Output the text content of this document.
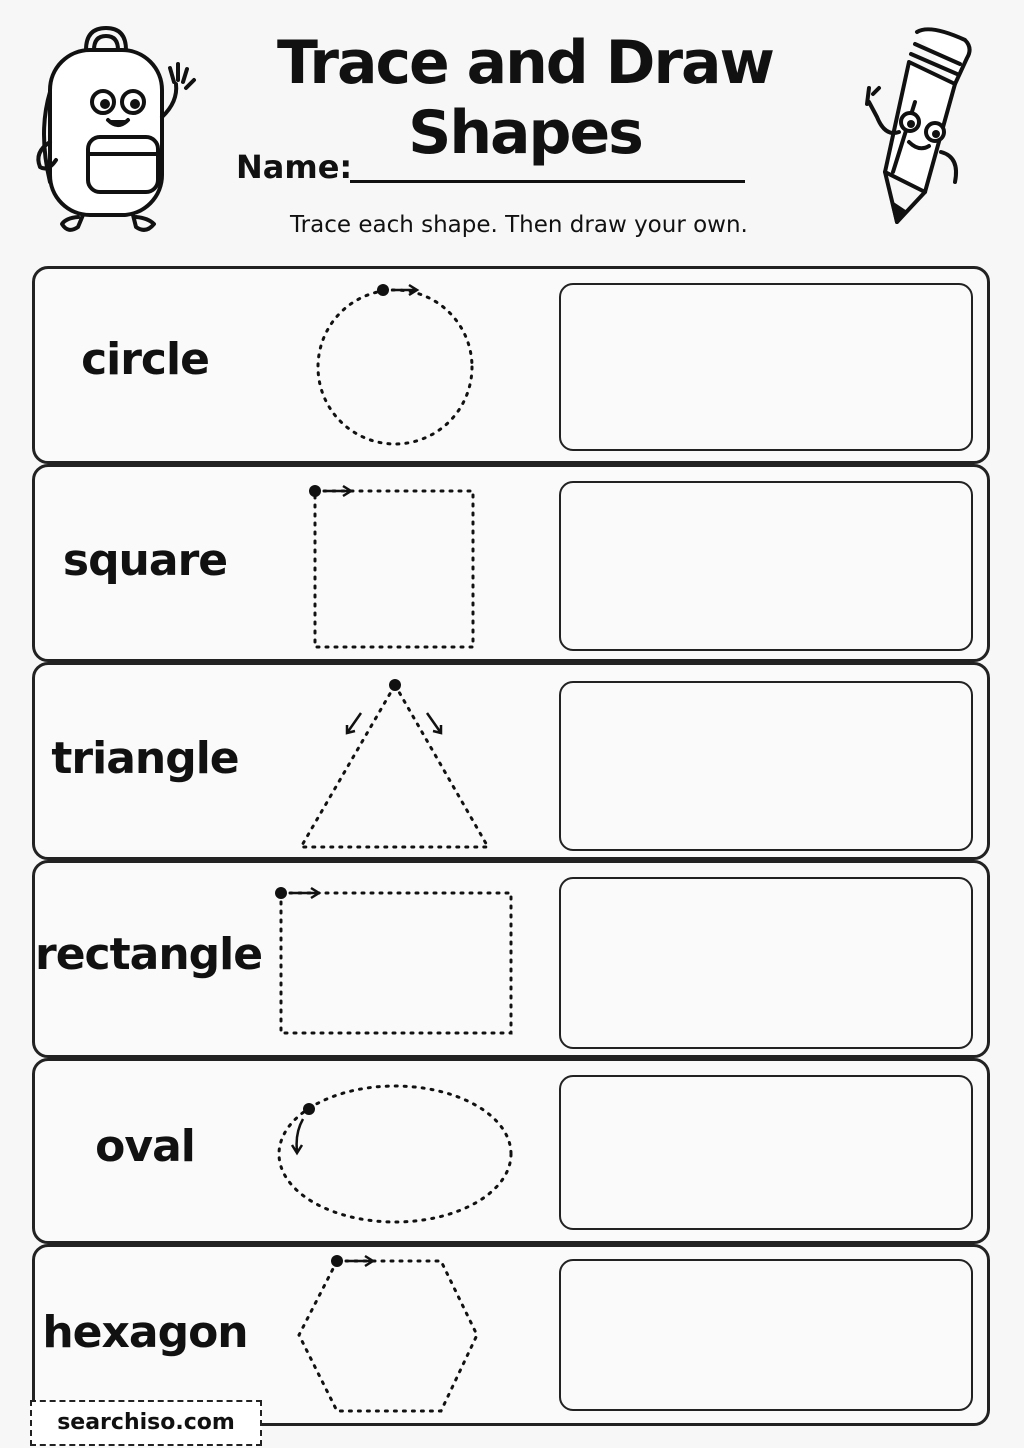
Trace and Draw Shapes
Name:
Trace each shape. Then draw your own.
circle
square
triangle
rectangle
oval
hexagon
searchiso.com
